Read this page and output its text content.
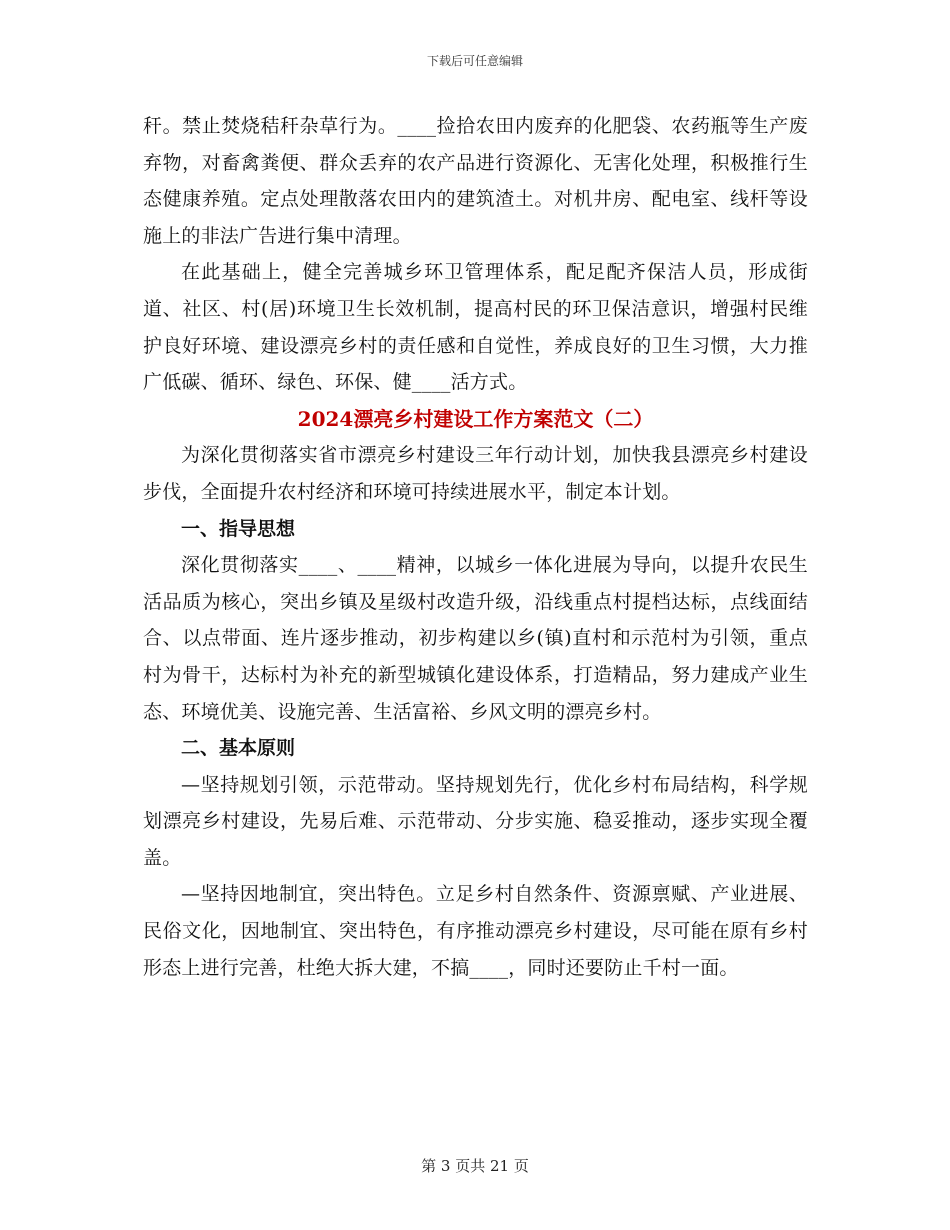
下载后可任意编辑

秆。禁止焚烧秸秆杂草行为。____捡拾农田内废弃的化肥袋、农药瓶等生产废弃物，对畜禽粪便、群众丢弃的农产品进行资源化、无害化处理，积极推行生态健康养殖。定点处理散落农田内的建筑渣土。对机井房、配电室、线杆等设施上的非法广告进行集中清理。

在此基础上，健全完善城乡环卫管理体系，配足配齐保洁人员，形成街道、社区、村(居)环境卫生长效机制，提高村民的环卫保洁意识，增强村民维护良好环境、建设漂亮乡村的责任感和自觉性，养成良好的卫生习惯，大力推广低碳、循环、绿色、环保、健____活方式。

2024漂亮乡村建设工作方案范文（二）

为深化贯彻落实省市漂亮乡村建设三年行动计划，加快我县漂亮乡村建设步伐，全面提升农村经济和环境可持续进展水平，制定本计划。

一、指导思想

深化贯彻落实____、____精神，以城乡一体化进展为导向，以提升农民生活品质为核心，突出乡镇及星级村改造升级，沿线重点村提档达标，点线面结合、以点带面、连片逐步推动，初步构建以乡(镇)直村和示范村为引领，重点村为骨干，达标村为补充的新型城镇化建设体系，打造精品，努力建成产业生态、环境优美、设施完善、生活富裕、乡风文明的漂亮乡村。

二、基本原则

—坚持规划引领，示范带动。坚持规划先行，优化乡村布局结构，科学规划漂亮乡村建设，先易后难、示范带动、分步实施、稳妥推动，逐步实现全覆盖。

—坚持因地制宜，突出特色。立足乡村自然条件、资源禀赋、产业进展、民俗文化，因地制宜、突出特色，有序推动漂亮乡村建设，尽可能在原有乡村形态上进行完善，杜绝大拆大建，不搞____，同时还要防止千村一面。

第 3 页共 21 页
